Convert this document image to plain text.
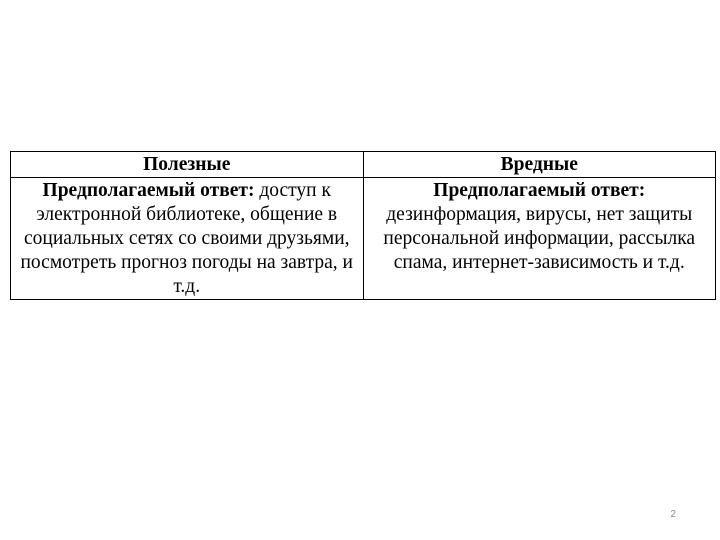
Полезные	Вредные
Предполагаемый ответ: доступ к электронной библиотеке, общение в социальных сетях со своими друзьями, посмотреть прогноз погоды на завтра, и т.д.	Предполагаемый ответ: дезинформация, вирусы, нет защиты персональной информации, рассылка спама, интернет-зависимость и т.д.
2
